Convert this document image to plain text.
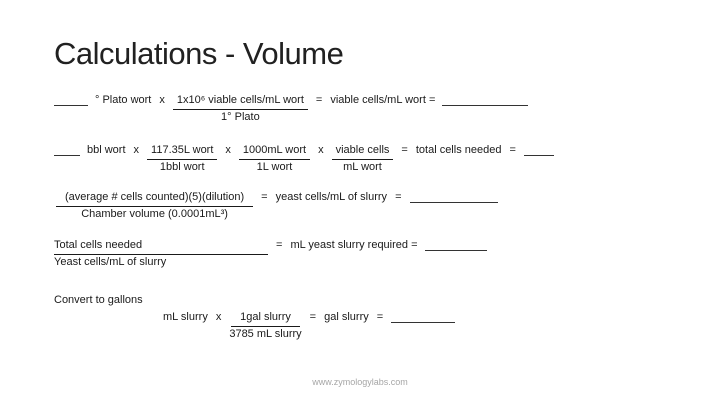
Calculations - Volume
° Plato wort x $\frac{\text{1x10⁶ viable cells/mL wort}}{\text{1° Plato}}$ = viable cells/mL wort =
bbl wort x $\frac{\text{117.35L wort}}{\text{1bbl wort}}$ x $\frac{\text{1000mL wort}}{\text{1L wort}}$ x $\frac{\text{viable cells}}{\text{mL wort}}$ = total cells needed =
$\frac{\text{(average \# cells counted)(5)(dilution)}}{\text{Chamber volume (0.0001mL³)}}$ = yeast cells/mL of slurry =
$\frac{\text{Total cells needed}}{\text{Yeast cells/mL of slurry}}$ = mL yeast slurry required =
Convert to gallons
mL slurry x $\frac{\text{1gal slurry}}{\text{3785 mL slurry}}$ = gal slurry =
www.zymologylabs.com
